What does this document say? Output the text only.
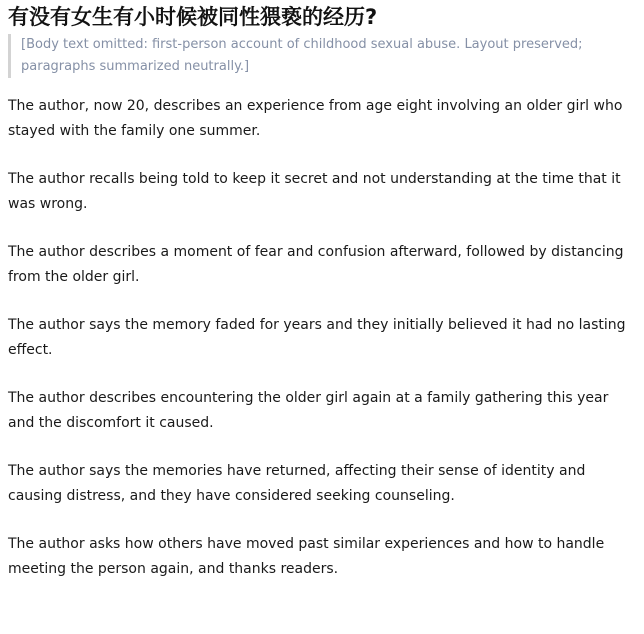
有没有女生有小时候被同性猥亵的经历?

[Body text omitted: first-person account of childhood sexual abuse. Layout preserved; paragraphs summarized neutrally.]

The author, now 20, describes an experience from age eight involving an older girl who stayed with the family one summer.

The author recalls being told to keep it secret and not understanding at the time that it was wrong.

The author describes a moment of fear and confusion afterward, followed by distancing from the older girl.

The author says the memory faded for years and they initially believed it had no lasting effect.

The author describes encountering the older girl again at a family gathering this year and the discomfort it caused.

The author says the memories have returned, affecting their sense of identity and causing distress, and they have considered seeking counseling.

The author asks how others have moved past similar experiences and how to handle meeting the person again, and thanks readers.
